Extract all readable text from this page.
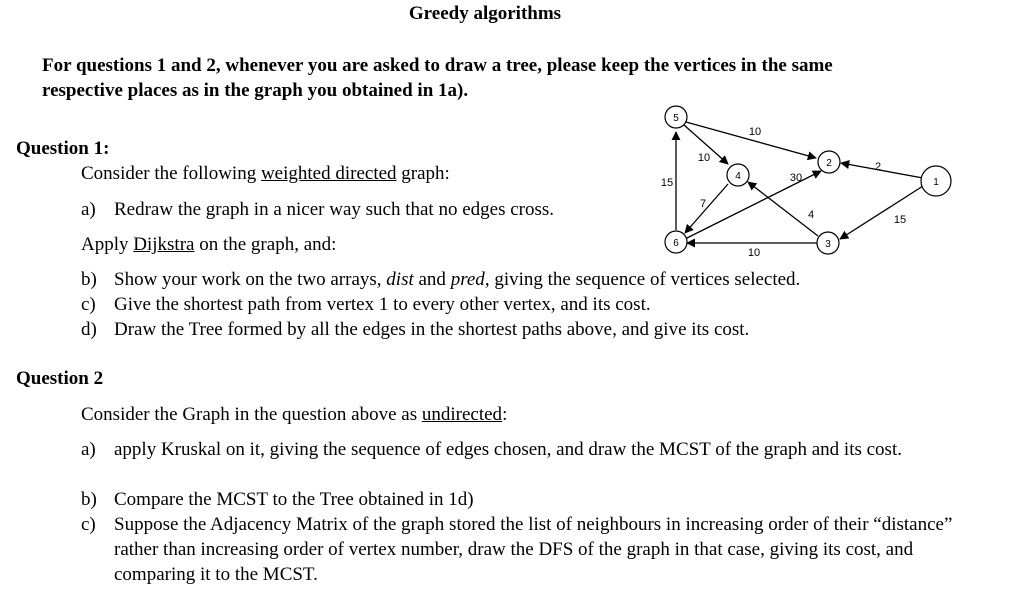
Greedy algorithms
For questions 1 and 2, whenever you are asked to draw a tree, please keep the vertices in the same
respective places as in the graph you obtained in 1a).
Question 1:
Consider the following weighted directed graph:
a) Redraw the graph in a nicer way such that no edges cross.
Apply Dijkstra on the graph, and:
b) Show your work on the two arrays, dist and pred, giving the sequence of vertices selected.
c) Give the shortest path from vertex 1 to every other vertex, and its cost.
d) Draw the Tree formed by all the edges in the shortest paths above, and give its cost.
Question 2
Consider the Graph in the question above as undirected:
a) apply Kruskal on it, giving the sequence of edges chosen, and draw the MCST of the graph and its cost.
b) Compare the MCST to the Tree obtained in 1d)
c) Suppose the Adjacency Matrix of the graph stored the list of neighbours in increasing order of their “distance” rather than increasing order of vertex number, draw the DFS of the graph in that case, giving its cost, and comparing it to the MCST.
5
4
2
1
6	3
10
10
15
7
30
4
2
15
10
